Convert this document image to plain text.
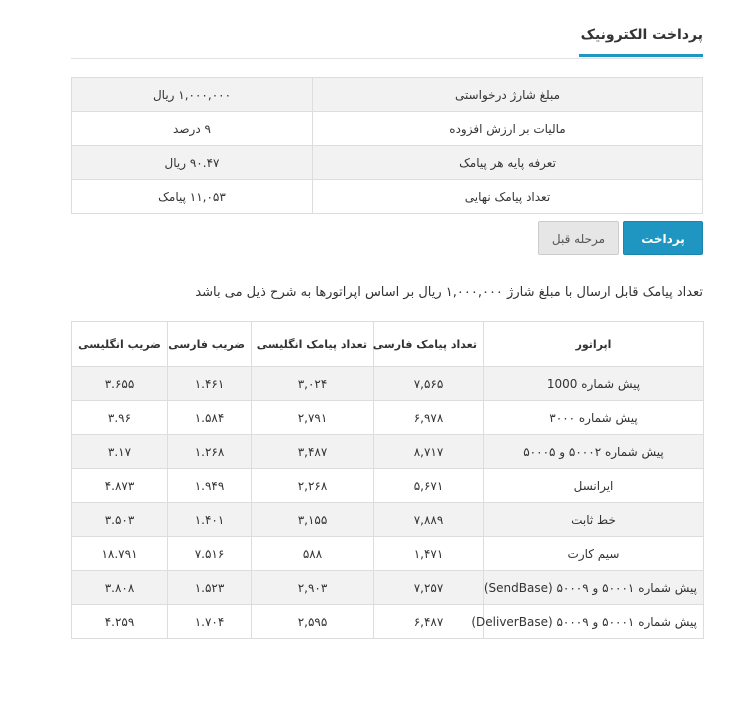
پرداخت الکترونیک
مبلغ شارژ درخواستی	۱,۰۰۰,۰۰۰ ریال
مالیات بر ارزش افزوده	۹ درصد
تعرفه پایه هر پیامک	۹۰.۴۷ ریال
تعداد پیامک نهایی	۱۱,۰۵۳ پیامک
پرداخت
مرحله قبل
تعداد پیامک قابل ارسال با مبلغ شارژ ۱,۰۰۰,۰۰۰ ریال بر اساس اپراتورها به شرح ذیل می باشد
اپراتور	تعداد پیامک فارسی	تعداد پیامک انگلیسی	ضریب فارسی	ضریب انگلیسی
پیش شماره 1000	۷,۵۶۵	۳,۰۲۴	۱.۴۶۱	۳.۶۵۵
پیش شماره ۳۰۰۰	۶,۹۷۸	۲,۷۹۱	۱.۵۸۴	۳.۹۶
پیش شماره ۵۰۰۰۲ و ۵۰۰۰۵	۸,۷۱۷	۳,۴۸۷	۱.۲۶۸	۳.۱۷
ایرانسل	۵,۶۷۱	۲,۲۶۸	۱.۹۴۹	۴.۸۷۳
خط ثابت	۷,۸۸۹	۳,۱۵۵	۱.۴۰۱	۳.۵۰۳
سیم کارت	۱,۴۷۱	۵۸۸	۷.۵۱۶	۱۸.۷۹۱
پیش شماره ۵۰۰۰۱ و ۵۰۰۰۹ (SendBase)	۷,۲۵۷	۲,۹۰۳	۱.۵۲۳	۳.۸۰۸
پیش شماره ۵۰۰۰۱ و ۵۰۰۰۹ (DeliverBase)	۶,۴۸۷	۲,۵۹۵	۱.۷۰۴	۴.۲۵۹
